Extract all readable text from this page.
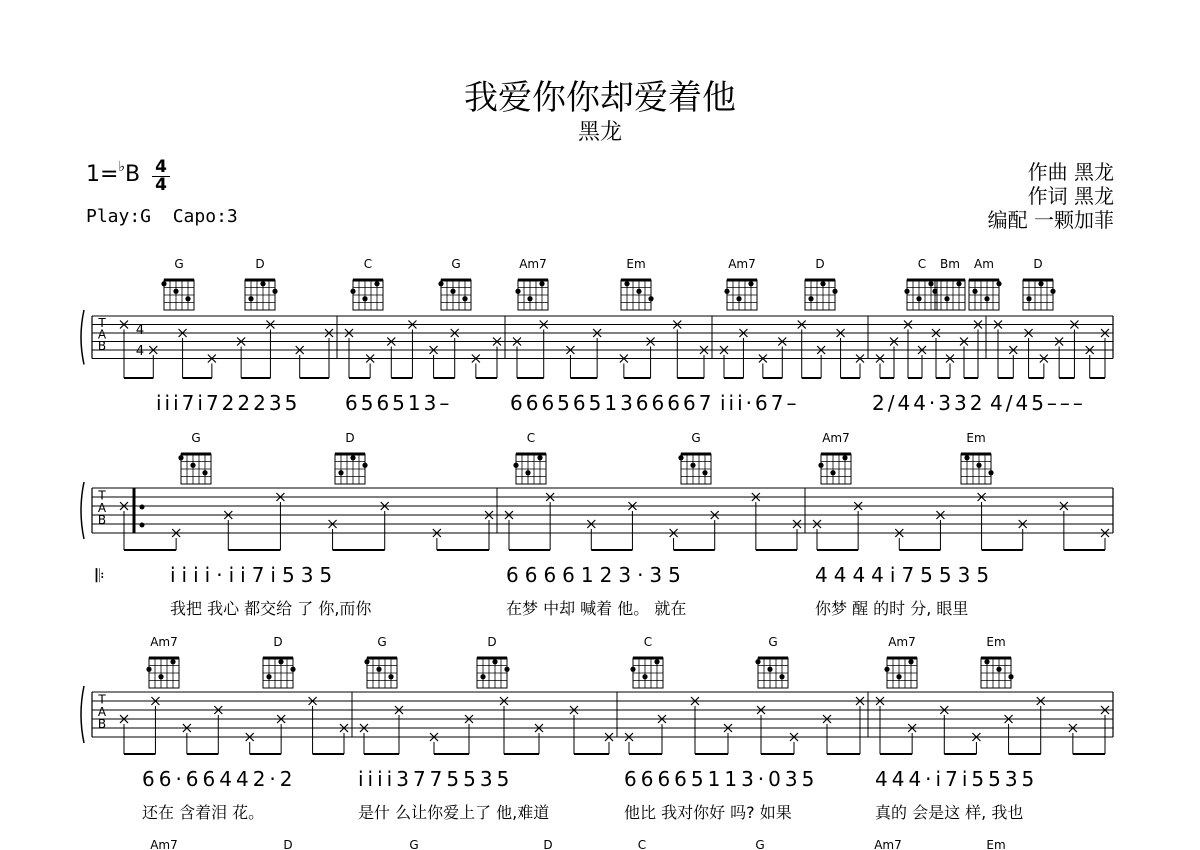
我爱你你却爱着他
黑龙
1=♭B 4
4
Play:G Capo:3
作曲 黑龙
作词 黑龙
编配 一颗加菲
G	D	C	G	Am7	Em	Am7	D	C Bm Am	D
T
A
B
4
4
iii7i722235 656513–	6665651366667 iii·67–	2/44·332 4/45–––
G	D	C	G	Am7	Em
T
A
B
𝄆	iiii·ii7i535	6666123·35	4444i75535
我把 我心 都交给 了 你,而你	在梦 中却 喊着 他。 就在	你梦 醒 的时 分, 眼里
Am7	D	G	D	C	G	Am7	Em
T
A
B
66·66442·2	iiii3775535	66665113·035	444·i7i5535
还在 含着泪 花。	是什 么让你爱上了 他,难道	他比 我对你好 吗? 如果	真的 会是这 样, 我也
Am7	D	G	D	C	G	Am7	Em
